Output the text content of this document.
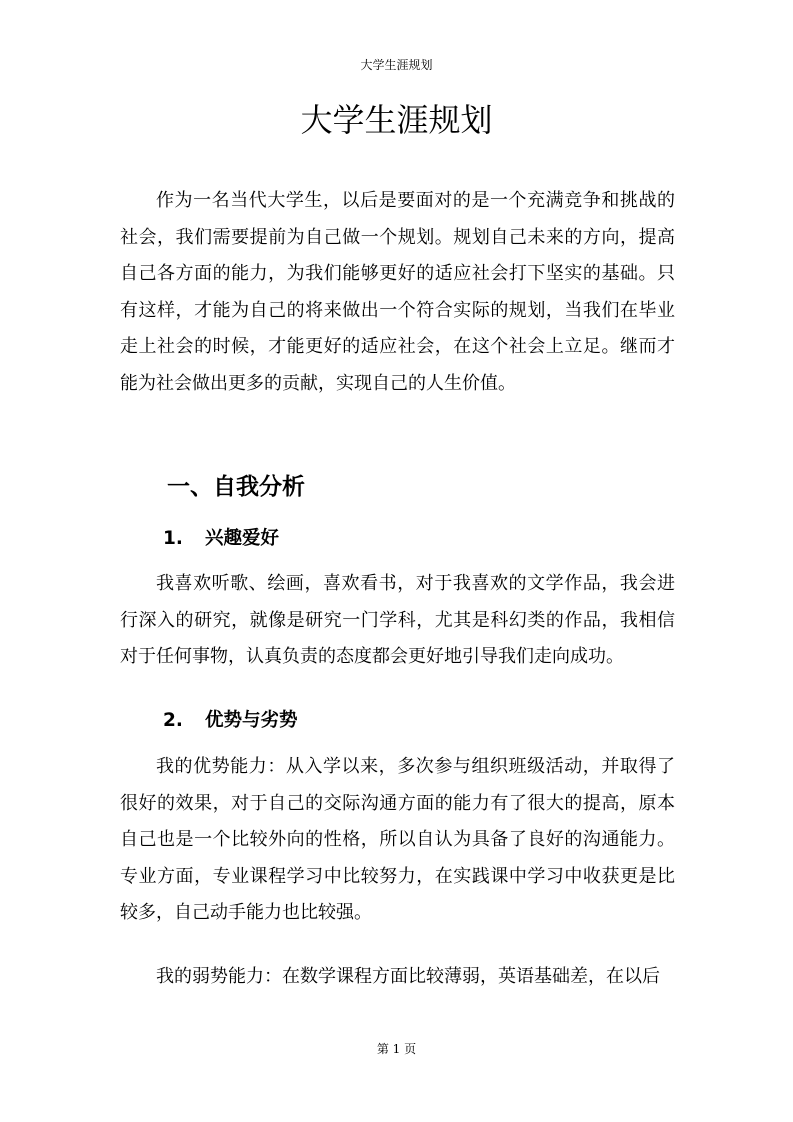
大学生涯规划
大学生涯规划

作为一名当代大学生，以后是要面对的是一个充满竞争和挑战的社会，我们需要提前为自己做一个规划。规划自己未来的方向，提高自己各方面的能力，为我们能够更好的适应社会打下坚实的基础。只有这样，才能为自己的将来做出一个符合实际的规划，当我们在毕业走上社会的时候，才能更好的适应社会，在这个社会上立足。继而才能为社会做出更多的贡献，实现自己的人生价值。

一、自我分析
1. 兴趣爱好

我喜欢听歌、绘画，喜欢看书，对于我喜欢的文学作品，我会进行深入的研究，就像是研究一门学科，尤其是科幻类的作品，我相信对于任何事物，认真负责的态度都会更好地引导我们走向成功。

2. 优势与劣势

我的优势能力：从入学以来，多次参与组织班级活动，并取得了很好的效果，对于自己的交际沟通方面的能力有了很大的提高，原本自己也是一个比较外向的性格，所以自认为具备了良好的沟通能力。专业方面，专业课程学习中比较努力，在实践课中学习中收获更是比较多，自己动手能力也比较强。

我的弱势能力：在数学课程方面比较薄弱，英语基础差，在以后

第 1 页
